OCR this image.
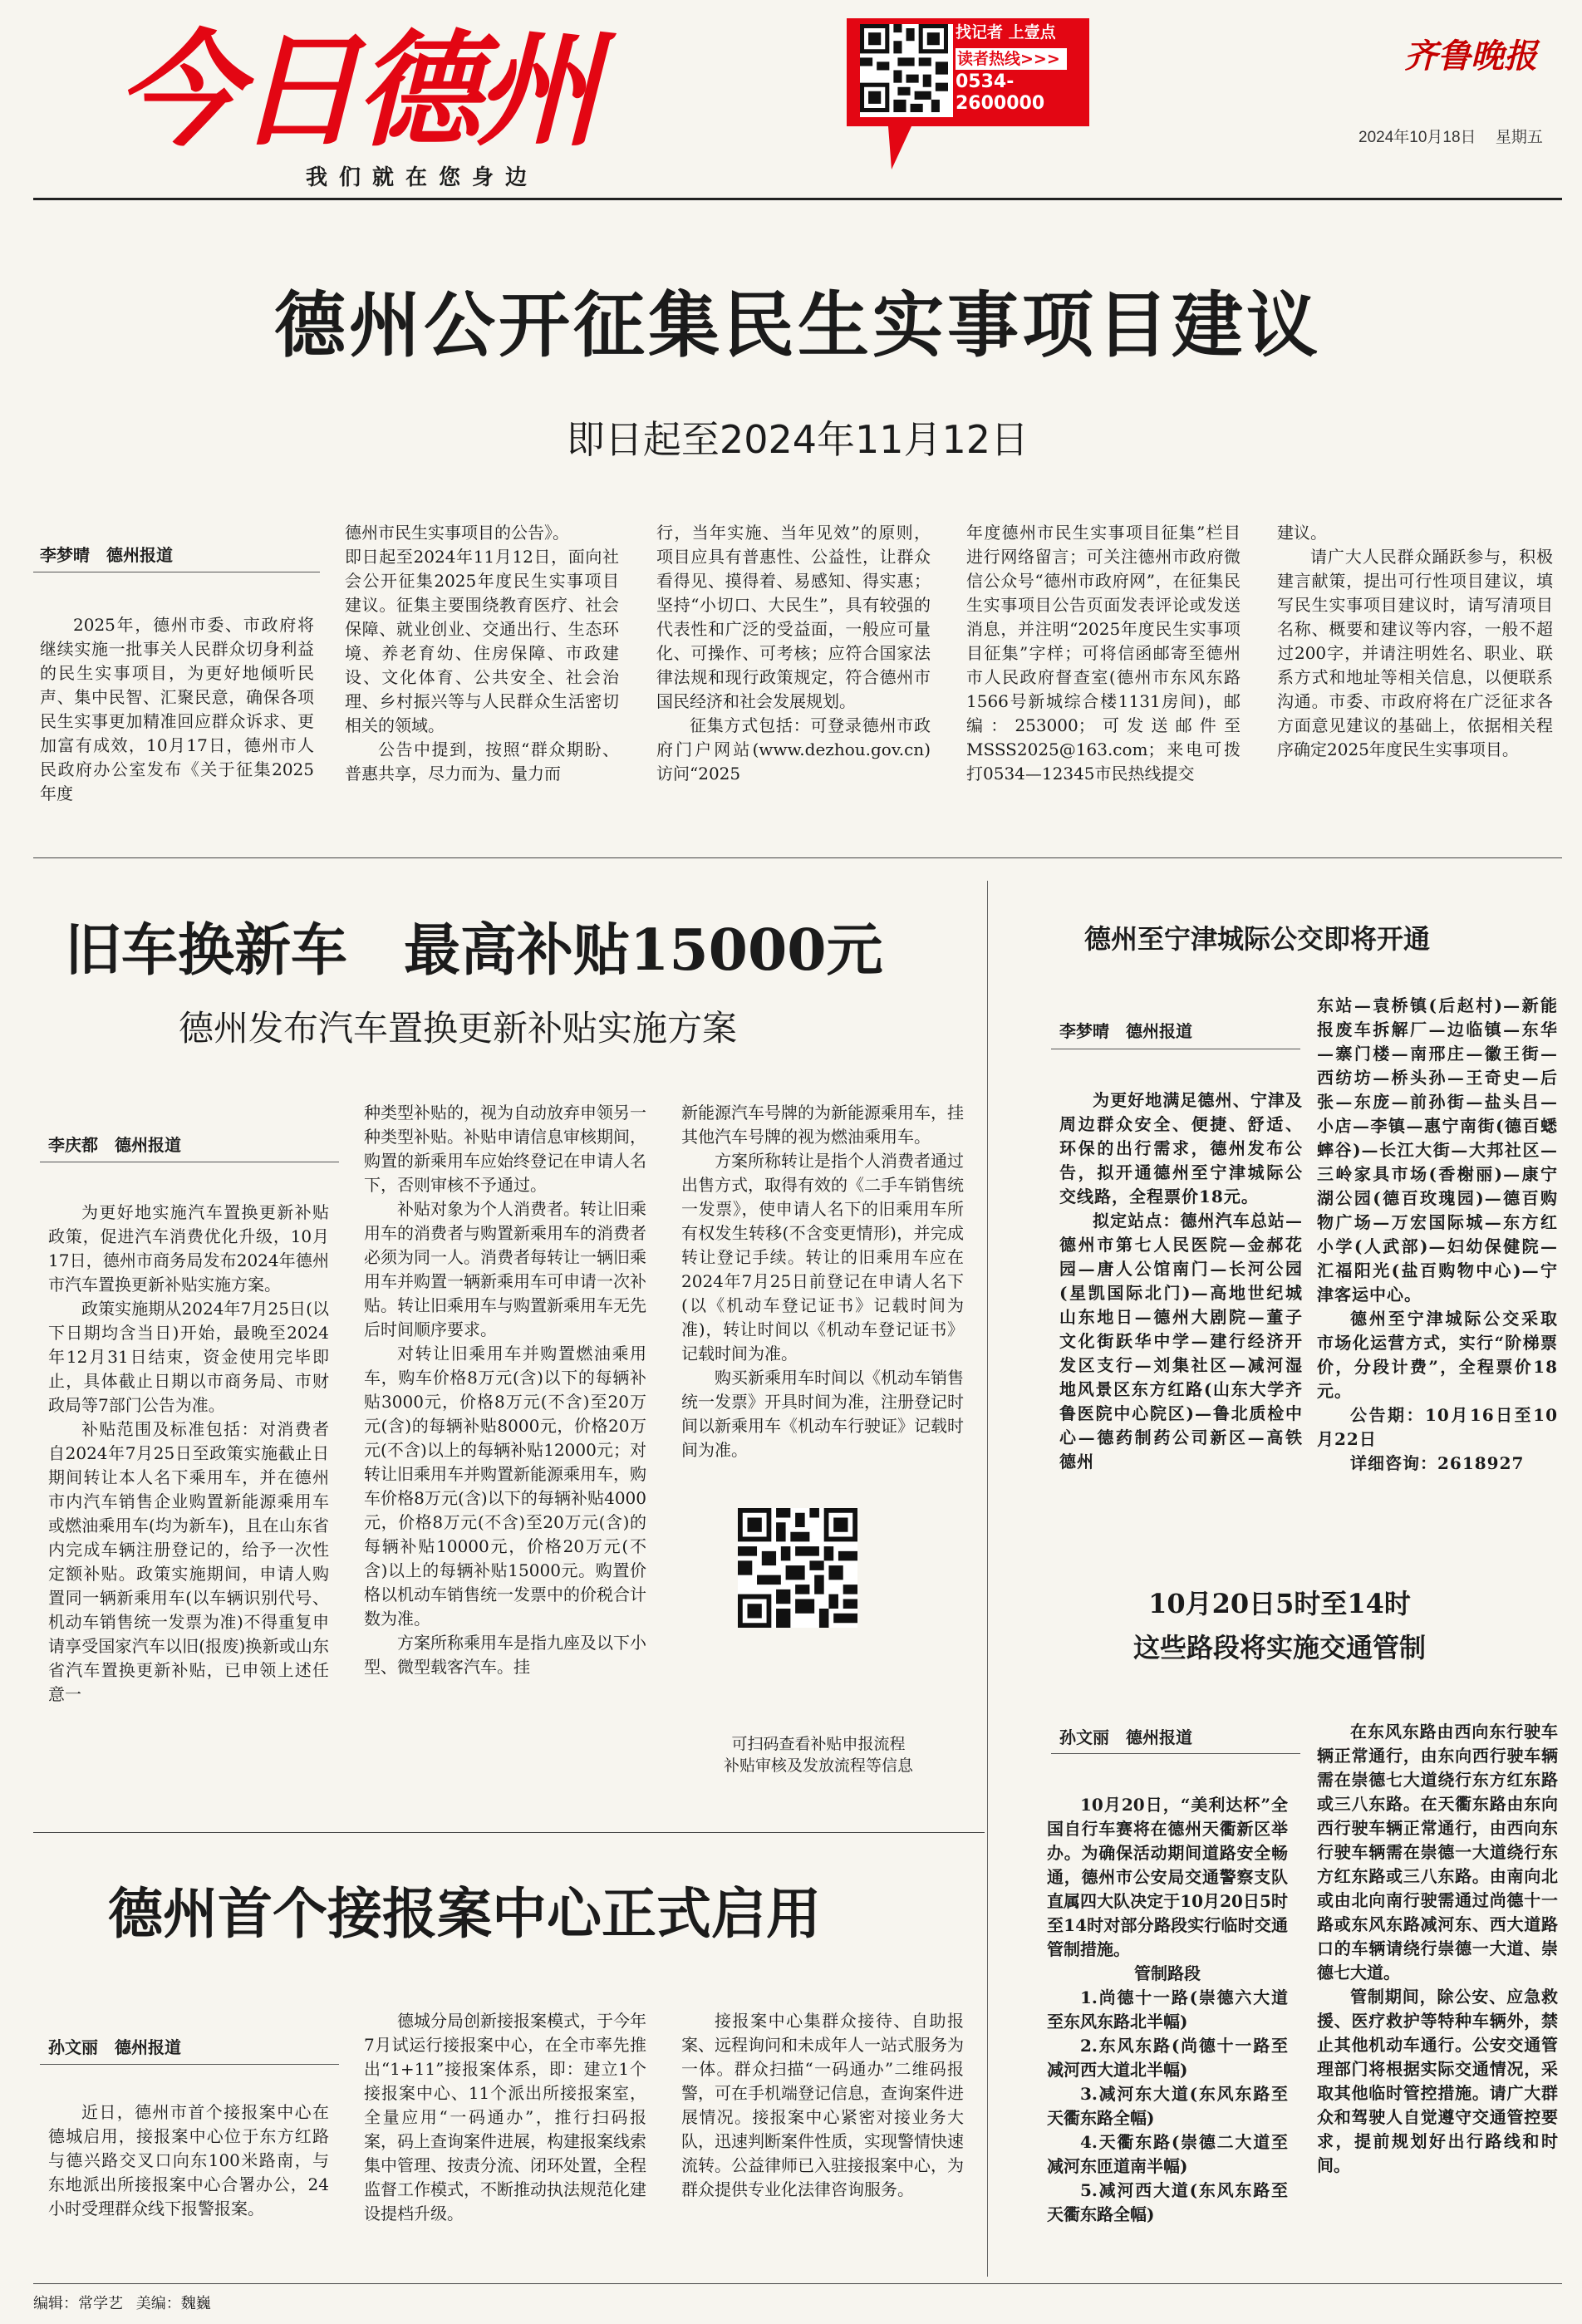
今日德州
我们就在您身边
找记者 上壹点
读者热线>>>
0534-
2600000
齐鲁晚报
2024年10月18日 星期五
德州公开征集民生实事项目建议
即日起至2024年11月12日
李梦晴　德州报道

2025年，德州市委、市政府将继续实施一批事关人民群众切身利益的民生实事项目，为更好地倾听民声、集中民智、汇聚民意，确保各项民生实事更加精准回应群众诉求、更加富有成效，10月17日，德州市人民政府办公室发布《关于征集2025年度

德州市民生实事项目的公告》。

即日起至2024年11月12日，面向社会公开征集2025年度民生实事项目建议。征集主要围绕教育医疗、社会保障、就业创业、交通出行、生态环境、养老育幼、住房保障、市政建设、文化体育、公共安全、社会治理、乡村振兴等与人民群众生活密切相关的领域。

公告中提到，按照“群众期盼、普惠共享，尽力而为、量力而

行，当年实施、当年见效”的原则，项目应具有普惠性、公益性，让群众看得见、摸得着、易感知、得实惠；坚持“小切口、大民生”，具有较强的代表性和广泛的受益面，一般应可量化、可操作、可考核；应符合国家法律法规和现行政策规定，符合德州市国民经济和社会发展规划。

征集方式包括：可登录德州市政府门户网站(www.dezhou.gov.cn)访问“2025

年度德州市民生实事项目征集”栏目进行网络留言；可关注德州市政府微信公众号“德州市政府网”，在征集民生实事项目公告页面发表评论或发送消息，并注明“2025年度民生实事项目征集”字样；可将信函邮寄至德州市人民政府督查室(德州市东风东路1566号新城综合楼1131房间)，邮编：253000；可发送邮件至MSSS2025@163.com；来电可拨打0534—12345市民热线提交

建议。

请广大人民群众踊跃参与，积极建言献策，提出可行性项目建议，填写民生实事项目建议时，请写清项目名称、概要和建议等内容，一般不超过200字，并请注明姓名、职业、联系方式和地址等相关信息，以便联系沟通。市委、市政府将在广泛征求各方面意见建议的基础上，依据相关程序确定2025年度民生实事项目。

旧车换新车　最高补贴15000元
德州发布汽车置换更新补贴实施方案
李庆都　德州报道

为更好地实施汽车置换更新补贴政策，促进汽车消费优化升级，10月17日，德州市商务局发布2024年德州市汽车置换更新补贴实施方案。

政策实施期从2024年7月25日(以下日期均含当日)开始，最晚至2024年12月31日结束，资金使用完毕即止，具体截止日期以市商务局、市财政局等7部门公告为准。

补贴范围及标准包括：对消费者自2024年7月25日至政策实施截止日期间转让本人名下乘用车，并在德州市内汽车销售企业购置新能源乘用车或燃油乘用车(均为新车)，且在山东省内完成车辆注册登记的，给予一次性定额补贴。政策实施期间，申请人购置同一辆新乘用车(以车辆识别代号、机动车销售统一发票为准)不得重复申请享受国家汽车以旧(报废)换新或山东省汽车置换更新补贴，已申领上述任意一

种类型补贴的，视为自动放弃申领另一种类型补贴。补贴申请信息审核期间，购置的新乘用车应始终登记在申请人名下，否则审核不予通过。

补贴对象为个人消费者。转让旧乘用车的消费者与购置新乘用车的消费者必须为同一人。消费者每转让一辆旧乘用车并购置一辆新乘用车可申请一次补贴。转让旧乘用车与购置新乘用车无先后时间顺序要求。

对转让旧乘用车并购置燃油乘用车，购车价格8万元(含)以下的每辆补贴3000元，价格8万元(不含)至20万元(含)的每辆补贴8000元，价格20万元(不含)以上的每辆补贴12000元；对转让旧乘用车并购置新能源乘用车，购车价格8万元(含)以下的每辆补贴4000元，价格8万元(不含)至20万元(含)的每辆补贴10000元，价格20万元(不含)以上的每辆补贴15000元。购置价格以机动车销售统一发票中的价税合计数为准。

方案所称乘用车是指九座及以下小型、微型载客汽车。挂

新能源汽车号牌的为新能源乘用车，挂其他汽车号牌的视为燃油乘用车。

方案所称转让是指个人消费者通过出售方式，取得有效的《二手车销售统一发票》，使申请人名下的旧乘用车所有权发生转移(不含变更情形)，并完成转让登记手续。转让的旧乘用车应在2024年7月25日前登记在申请人名下(以《机动车登记证书》记载时间为准)，转让时间以《机动车登记证书》记载时间为准。

购买新乘用车时间以《机动车销售统一发票》开具时间为准，注册登记时间以新乘用车《机动车行驶证》记载时间为准。

可扫码查看补贴申报流程
补贴审核及发放流程等信息
德州至宁津城际公交即将开通
李梦晴　德州报道

为更好地满足德州、宁津及周边群众安全、便捷、舒适、环保的出行需求，德州发布公告，拟开通德州至宁津城际公交线路，全程票价18元。

拟定站点：德州汽车总站—德州市第七人民医院—金郝花园—唐人公馆南门—长河公园(星凯国际北门)—高地世纪城山东地日—德州大剧院—董子文化街跃华中学—建行经济开发区支行—刘集社区—减河湿地风景区东方红路(山东大学齐鲁医院中心院区)—鲁北质检中心—德药制药公司新区—高铁德州

东站—袁桥镇(后赵村)—新能报废车拆解厂—边临镇—东华—寨门楼—南邢庄—徽王街—西纺坊—桥头孙—王奇史—后张—东庞—前孙街—盐头吕—小店—李镇—惠宁南街(德百蟋蟀谷)—长江大街—大邦社区—三岭家具市场(香榭丽)—康宁湖公园(德百玫瑰园)—德百购物广场—万宏国际城—东方红小学(人武部)—妇幼保健院—汇福阳光(盐百购物中心)—宁津客运中心。

德州至宁津城际公交采取市场化运营方式，实行“阶梯票价，分段计费”，全程票价18元。

公告期：10月16日至10月22日

详细咨询：2618927

10月20日5时至14时
这些路段将实施交通管制
孙文丽　德州报道

10月20日，“美利达杯”全国自行车赛将在德州天衢新区举办。为确保活动期间道路安全畅通，德州市公安局交通警察支队直属四大队决定于10月20日5时至14时对部分路段实行临时交通管制措施。

管制路段

1.尚德十一路(崇德六大道至东风东路北半幅)

2.东风东路(尚德十一路至减河西大道北半幅)

3.减河东大道(东风东路至天衢东路全幅)

4.天衢东路(崇德二大道至减河东匝道南半幅)

5.减河西大道(东风东路至天衢东路全幅)

在东风东路由西向东行驶车辆正常通行，由东向西行驶车辆需在崇德七大道绕行东方红东路或三八东路。在天衢东路由东向西行驶车辆正常通行，由西向东行驶车辆需在崇德一大道绕行东方红东路或三八东路。由南向北或由北向南行驶需通过尚德十一路或东风东路减河东、西大道路口的车辆请绕行崇德一大道、崇德七大道。

管制期间，除公安、应急救援、医疗救护等特种车辆外，禁止其他机动车通行。公安交通管理部门将根据实际交通情况，采取其他临时管控措施。请广大群众和驾驶人自觉遵守交通管控要求，提前规划好出行路线和时间。

德州首个接报案中心正式启用
孙文丽　德州报道

近日，德州市首个接报案中心在德城启用，接报案中心位于东方红路与德兴路交叉口向东100米路南，与东地派出所接报案中心合署办公，24小时受理群众线下报警报案。

德城分局创新接报案模式，于今年7月试运行接报案中心，在全市率先推出“1+11”接报案体系，即：建立1个接报案中心、11个派出所接报案室，全量应用“一码通办”，推行扫码报案，码上查询案件进展，构建报案线索集中管理、按责分流、闭环处置，全程监督工作模式，不断推动执法规范化建设提档升级。

接报案中心集群众接待、自助报案、远程询问和未成年人一站式服务为一体。群众扫描“一码通办”二维码报警，可在手机端登记信息，查询案件进展情况。接报案中心紧密对接业务大队，迅速判断案件性质，实现警情快速流转。公益律师已入驻接报案中心，为群众提供专业化法律咨询服务。

编辑：常学艺 美编：魏巍
